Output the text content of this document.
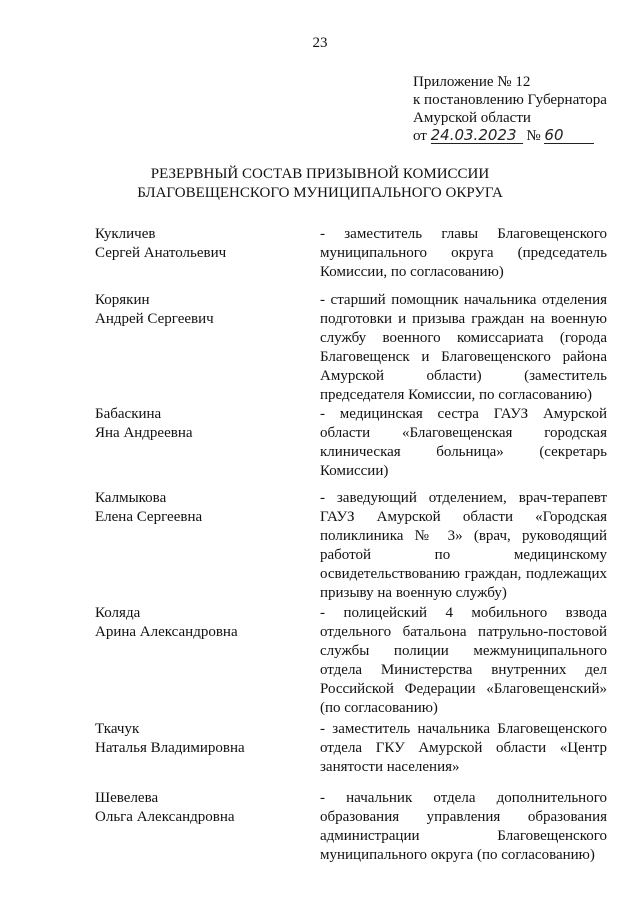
23
Приложение № 12
к постановлению Губернатора
Амурской области
от 24.03.2023 № 60
РЕЗЕРВНЫЙ СОСТАВ ПРИЗЫВНОЙ КОМИССИИ
БЛАГОВЕЩЕНСКОГО МУНИЦИПАЛЬНОГО ОКРУГА
Кукличев
Сергей Анатольевич
- заместитель главы Благовещенского муниципального округа (председатель Комиссии, по согласованию)
Корякин
Андрей Сергеевич
- старший помощник начальника отделения подготовки и призыва граждан на военную службу военного комиссариата (города Благовещенск и Благовещенского района Амурской области) (заместитель председателя Комиссии, по согласованию)
Бабаскина
Яна Андреевна
- медицинская сестра ГАУЗ Амурской области «Благовещенская городская клиническая больница» (секретарь Комиссии)
Калмыкова
Елена Сергеевна
- заведующий отделением, врач-терапевт ГАУЗ Амурской области «Городская поликлиника № 3» (врач, руководящий работой по медицинскому освидетельствованию граждан, подлежащих призыву на военную службу)
Коляда
Арина Александровна
- полицейский 4 мобильного взвода отдельного батальона патрульно-постовой службы полиции межмуниципального отдела Министерства внутренних дел Российской Федерации «Благовещенский» (по согласованию)
Ткачук
Наталья Владимировна
- заместитель начальника Благовещенского отдела ГКУ Амурской области «Центр занятости населения»
Шевелева
Ольга Александровна
- начальник отдела дополнительного образования управления образования администрации Благовещенского муниципального округа (по согласованию)
